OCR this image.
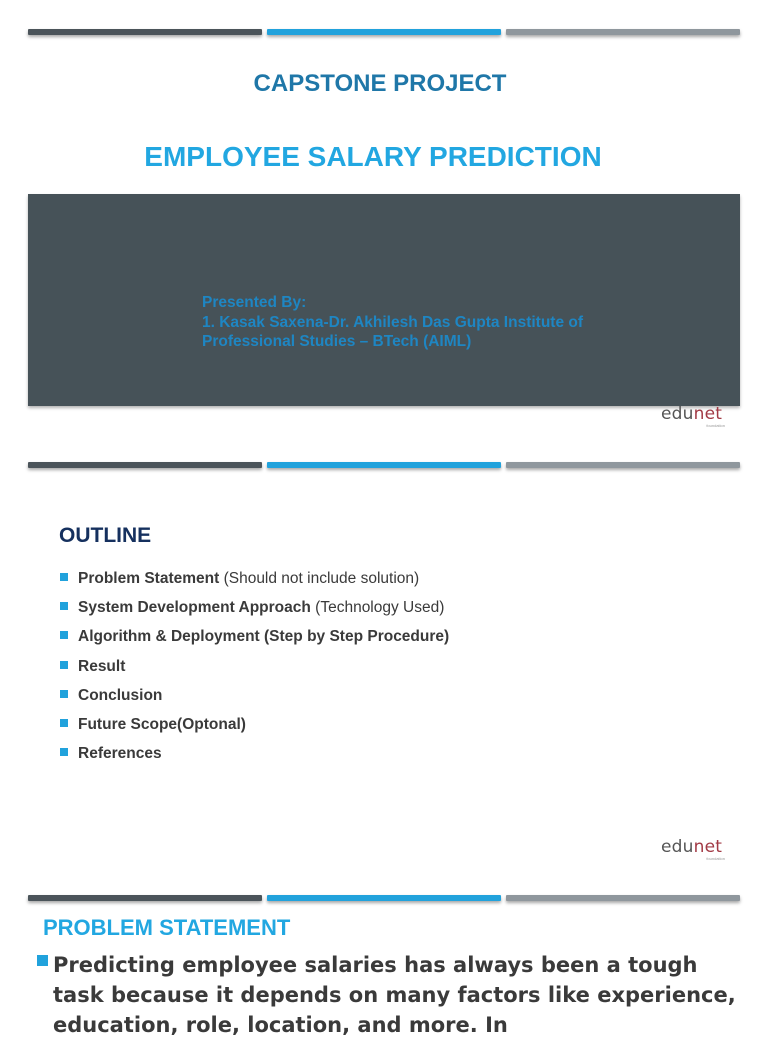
CAPSTONE PROJECT
EMPLOYEE SALARY PREDICTION
Presented By:
1. Kasak Saxena-Dr. Akhilesh Das Gupta Institute of
Professional Studies – BTech (AIML)
edunet
foundation
OUTLINE
Problem Statement (Should not include solution)
System Development Approach (Technology Used)
Algorithm & Deployment (Step by Step Procedure)
Result
Conclusion
Future Scope(Optonal)
References
edunet
foundation
PROBLEM STATEMENT
Predicting employee salaries has always been a tough task because it depends on many factors like experience, education, role, location, and more. In
